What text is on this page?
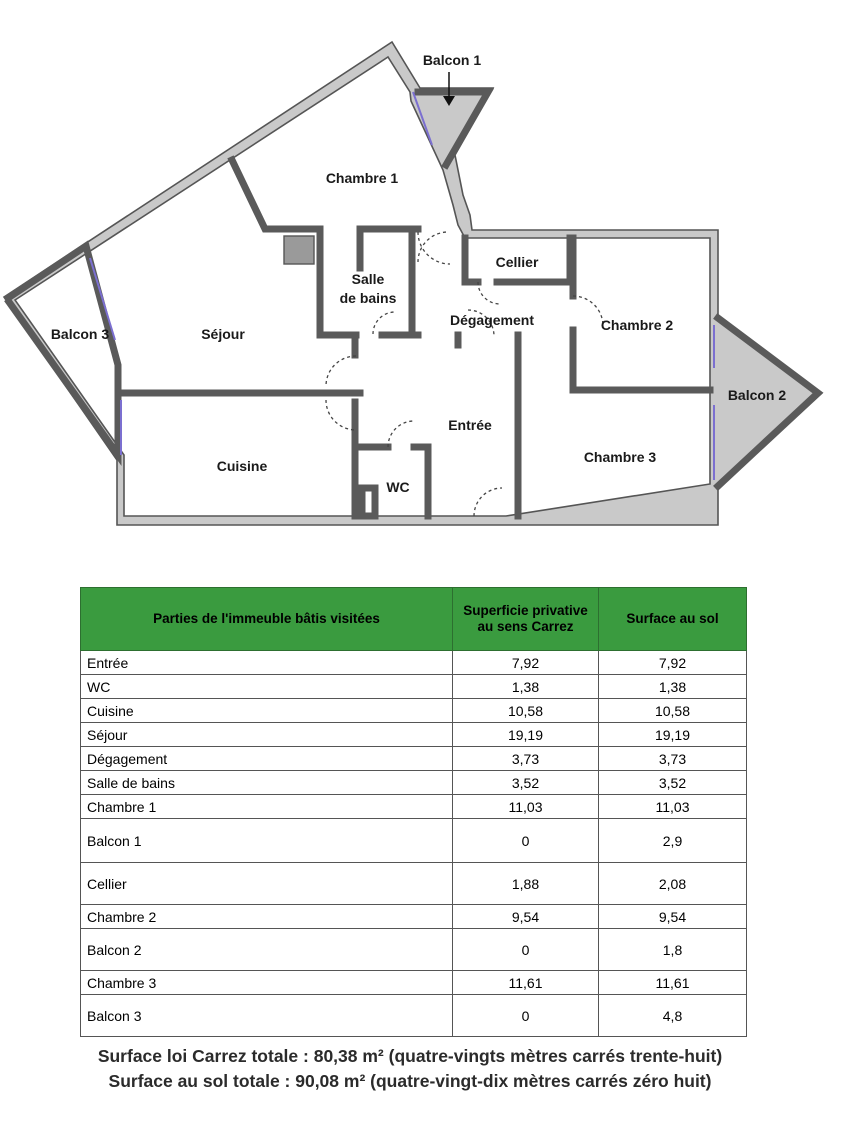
Balcon 1
Chambre 1
Salle
de bains
Cellier
Dégagement	Chambre 2
Balcon 3	Séjour
Balcon 2
Entrée
Chambre 3
Cuisine
WC
Parties de l'immeuble bâtis visitées	Superficie privative au sens Carrez	Surface au sol
Entrée	7,92	7,92
WC	1,38	1,38
Cuisine	10,58	10,58
Séjour	19,19	19,19
Dégagement	3,73	3,73
Salle de bains	3,52	3,52
Chambre 1	11,03	11,03
Balcon 1	0	2,9
Cellier	1,88	2,08
Chambre 2	9,54	9,54
Balcon 2	0	1,8
Chambre 3	11,61	11,61
Balcon 3	0	4,8
Surface loi Carrez totale : 80,38 m² (quatre-vingts mètres carrés trente-huit)
Surface au sol totale : 90,08 m² (quatre-vingt-dix mètres carrés zéro huit)
